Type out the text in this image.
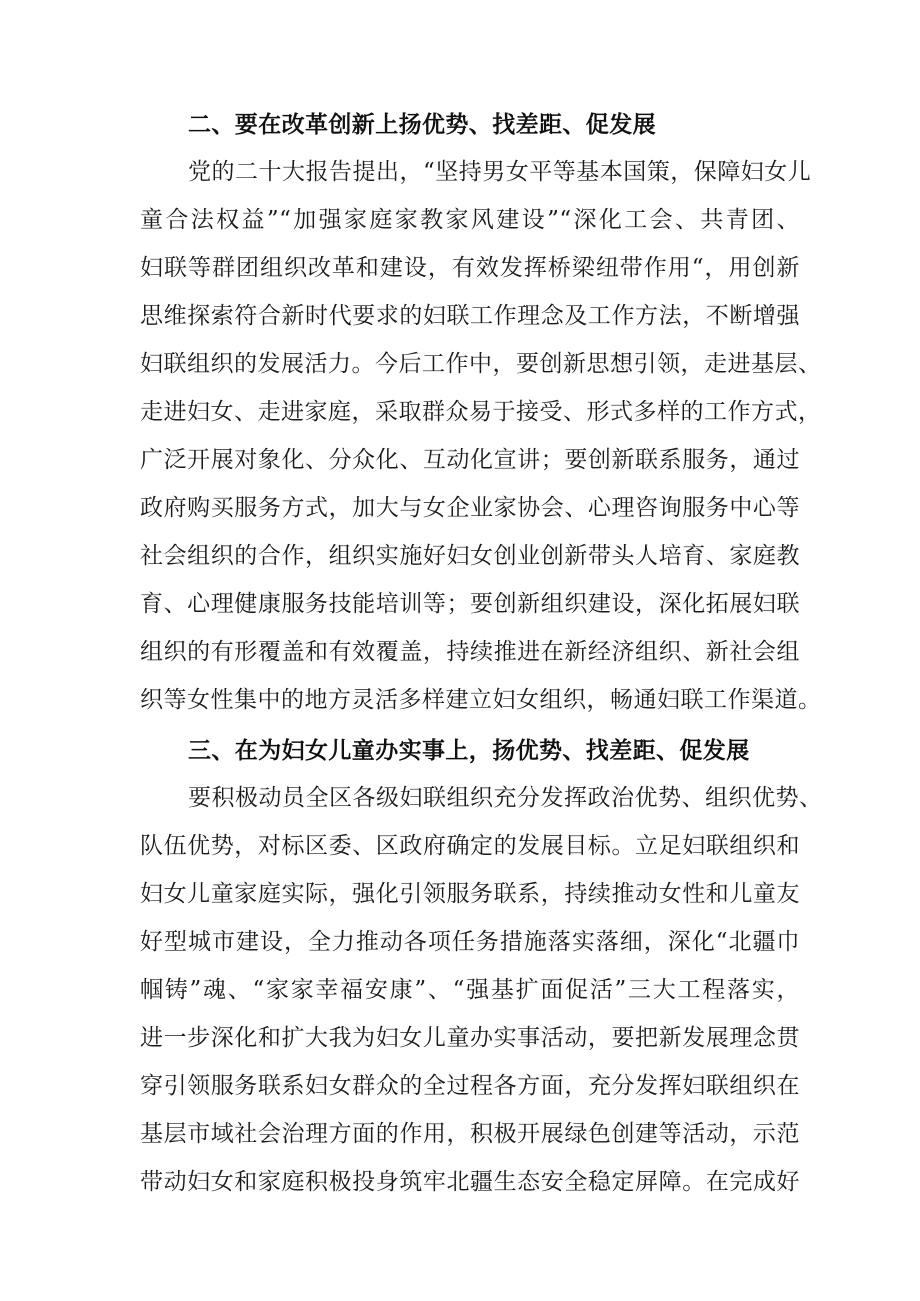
二、要在改革创新上扬优势、找差距、促发展
党的二十大报告提出，“坚持男女平等基本国策，保障妇女儿
童合法权益”“加强家庭家教家风建设”“深化工会、共青团、
妇联等群团组织改革和建设，有效发挥桥梁纽带作用“，用创新
思维探索符合新时代要求的妇联工作理念及工作方法，不断增强
妇联组织的发展活力。今后工作中，要创新思想引领，走进基层、
走进妇女、走进家庭，采取群众易于接受、形式多样的工作方式，
广泛开展对象化、分众化、互动化宣讲；要创新联系服务，通过
政府购买服务方式，加大与女企业家协会、心理咨询服务中心等
社会组织的合作，组织实施好妇女创业创新带头人培育、家庭教
育、心理健康服务技能培训等；要创新组织建设，深化拓展妇联
组织的有形覆盖和有效覆盖，持续推进在新经济组织、新社会组
织等女性集中的地方灵活多样建立妇女组织，畅通妇联工作渠道。
三、在为妇女儿童办实事上，扬优势、找差距、促发展
要积极动员全区各级妇联组织充分发挥政治优势、组织优势、
队伍优势，对标区委、区政府确定的发展目标。立足妇联组织和
妇女儿童家庭实际，强化引领服务联系，持续推动女性和儿童友
好型城市建设，全力推动各项任务措施落实落细，深化“北疆巾
帼铸”魂、“家家幸福安康”、“强基扩面促活”三大工程落实，
进一步深化和扩大我为妇女儿童办实事活动，要把新发展理念贯
穿引领服务联系妇女群众的全过程各方面，充分发挥妇联组织在
基层市域社会治理方面的作用，积极开展绿色创建等活动，示范
带动妇女和家庭积极投身筑牢北疆生态安全稳定屏障。在完成好
